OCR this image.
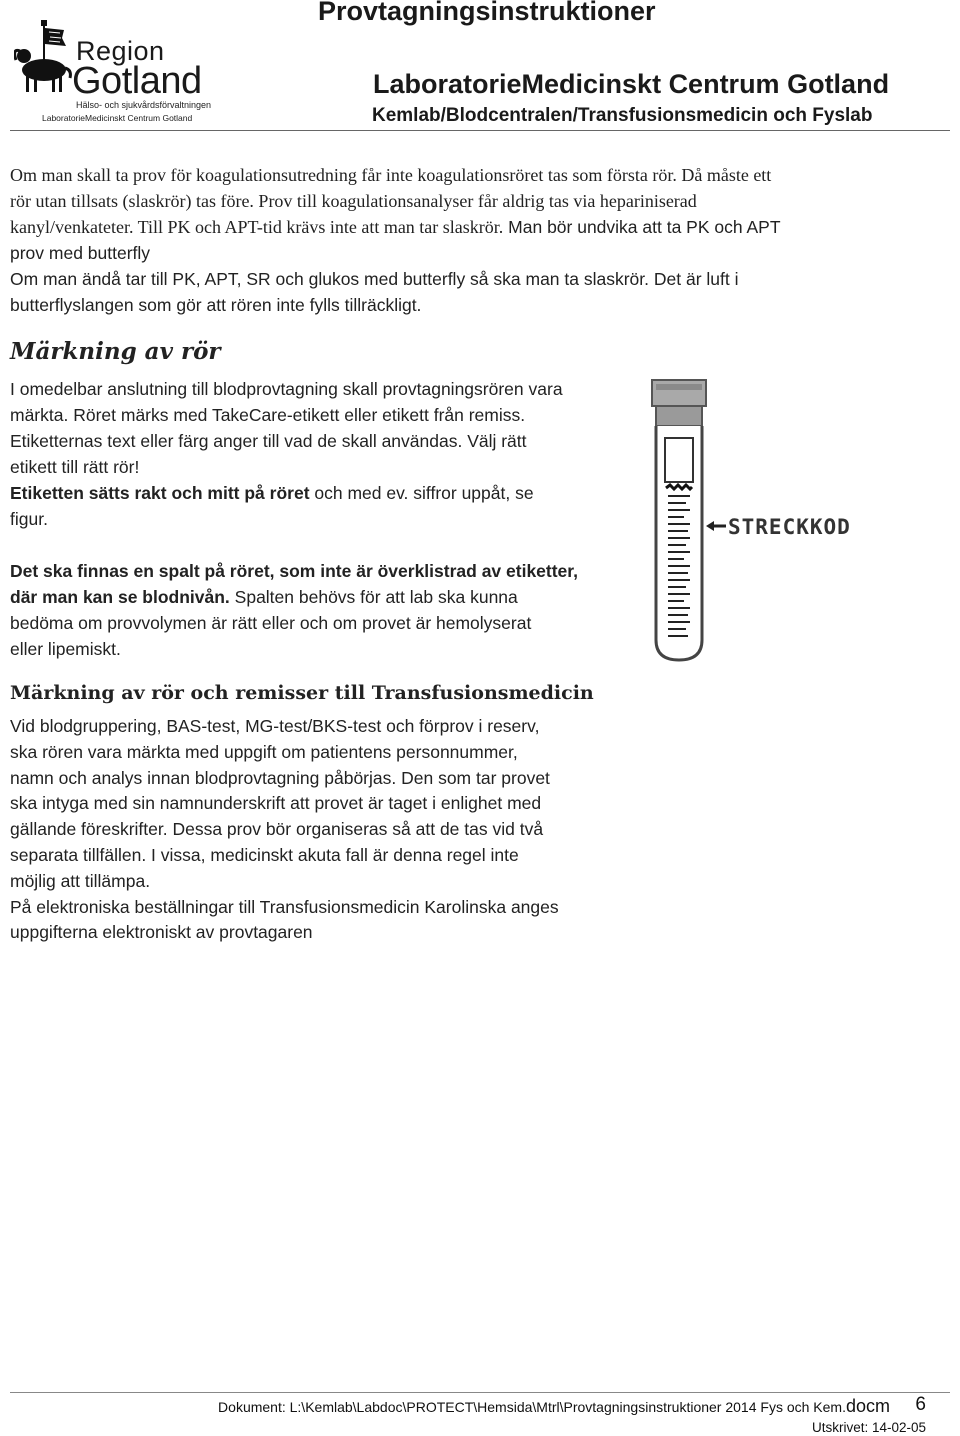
Region
Gotland
Hälso- och sjukvårdsförvaltningen
LaboratorieMedicinskt Centrum Gotland
Provtagningsinstruktioner
LaboratorieMedicinskt Centrum Gotland
Kemlab/Blodcentralen/Transfusionsmedicin och Fyslab
Om man skall ta prov för koagulationsutredning får inte koagulationsröret tas som första rör. Då måste ett
rör utan tillsats (slaskrör) tas före. Prov till koagulationsanalyser får aldrig tas via hepariniserad
kanyl/venkateter. Till PK och APT-tid krävs inte att man tar slaskrör. Man bör undvika att ta PK och APT
prov med butterfly
Om man ändå tar till PK, APT, SR och glukos med butterfly så ska man ta slaskrör. Det är luft i
butterflyslangen som gör att rören inte fylls tillräckligt.
Märkning av rör
I omedelbar anslutning till blodprovtagning skall provtagningsrören vara
märkta. Röret märks med TakeCare-etikett eller etikett från remiss.
Etiketternas text eller färg anger till vad de skall användas. Välj rätt
etikett till rätt rör!
Etiketten sätts rakt och mitt på röret och med ev. siffror uppåt, se
figur.
Det ska finnas en spalt på röret, som inte är överklistrad av etiketter,
där man kan se blodnivån. Spalten behövs för att lab ska kunna
bedöma om provvolymen är rätt eller och om provet är hemolyserat
eller lipemiskt.
STRECKKOD
Märkning av rör och remisser till Transfusionsmedicin
Vid blodgruppering, BAS-test, MG-test/BKS-test och förprov i reserv,
ska rören vara märkta med uppgift om patientens personnummer,
namn och analys innan blodprovtagning påbörjas. Den som tar provet
ska intyga med sin namnunderskrift att provet är taget i enlighet med
gällande föreskrifter. Dessa prov bör organiseras så att de tas vid två
separata tillfällen. I vissa, medicinskt akuta fall är denna regel inte
möjlig att tillämpa.
På elektroniska beställningar till Transfusionsmedicin Karolinska anges
uppgifterna elektroniskt av provtagaren
Dokument: L:\Kemlab\Labdoc\PROTECT\Hemsida\Mtrl\Provtagningsinstruktioner 2014 Fys och Kem.docm 6
Utskrivet: 14-02-05
